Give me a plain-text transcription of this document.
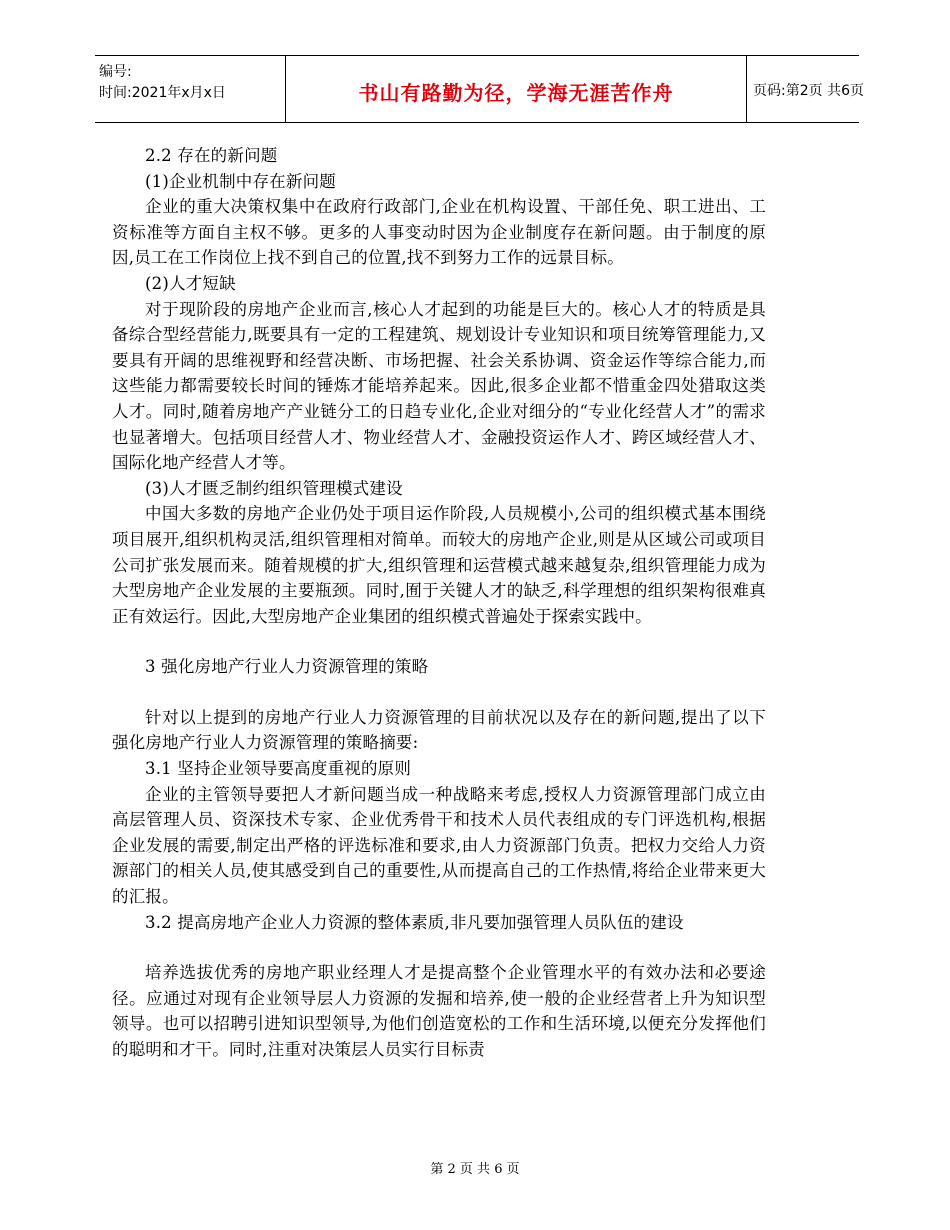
编号:
时间:2021年x月x日	书山有路勤为径，学海无涯苦作舟	页码:第2页 共6页

2.2 存在的新问题

(1)企业机制中存在新问题

企业的重大决策权集中在政府行政部门,企业在机构设置、干部任免、职工进出、工资标准等方面自主权不够。更多的人事变动时因为企业制度存在新问题。由于制度的原因,员工在工作岗位上找不到自己的位置,找不到努力工作的远景目标。

(2)人才短缺

对于现阶段的房地产企业而言,核心人才起到的功能是巨大的。核心人才的特质是具备综合型经营能力,既要具有一定的工程建筑、规划设计专业知识和项目统筹管理能力,又要具有开阔的思维视野和经营决断、市场把握、社会关系协调、资金运作等综合能力,而这些能力都需要较长时间的锤炼才能培养起来。因此,很多企业都不惜重金四处猎取这类人才。同时,随着房地产产业链分工的日趋专业化,企业对细分的“专业化经营人才”的需求也显著增大。包括项目经营人才、物业经营人才、金融投资运作人才、跨区域经营人才、国际化地产经营人才等。

(3)人才匮乏制约组织管理模式建设

中国大多数的房地产企业仍处于项目运作阶段,人员规模小,公司的组织模式基本围绕项目展开,组织机构灵活,组织管理相对简单。而较大的房地产企业,则是从区域公司或项目公司扩张发展而来。随着规模的扩大,组织管理和运营模式越来越复杂,组织管理能力成为大型房地产企业发展的主要瓶颈。同时,囿于关键人才的缺乏,科学理想的组织架构很难真正有效运行。因此,大型房地产企业集团的组织模式普遍处于探索实践中。

3 强化房地产行业人力资源管理的策略

针对以上提到的房地产行业人力资源管理的目前状况以及存在的新问题,提出了以下强化房地产行业人力资源管理的策略摘要:

3.1 坚持企业领导要高度重视的原则

企业的主管领导要把人才新问题当成一种战略来考虑,授权人力资源管理部门成立由高层管理人员、资深技术专家、企业优秀骨干和技术人员代表组成的专门评选机构,根据企业发展的需要,制定出严格的评选标准和要求,由人力资源部门负责。把权力交给人力资源部门的相关人员,使其感受到自己的重要性,从而提高自己的工作热情,将给企业带来更大的汇报。

3.2 提高房地产企业人力资源的整体素质,非凡要加强管理人员队伍的建设

培养选拔优秀的房地产职业经理人才是提高整个企业管理水平的有效办法和必要途径。应通过对现有企业领导层人力资源的发掘和培养,使一般的企业经营者上升为知识型领导。也可以招聘引进知识型领导,为他们创造宽松的工作和生活环境,以便充分发挥他们的聪明和才干。同时,注重对决策层人员实行目标责

第 2 页 共 6 页
